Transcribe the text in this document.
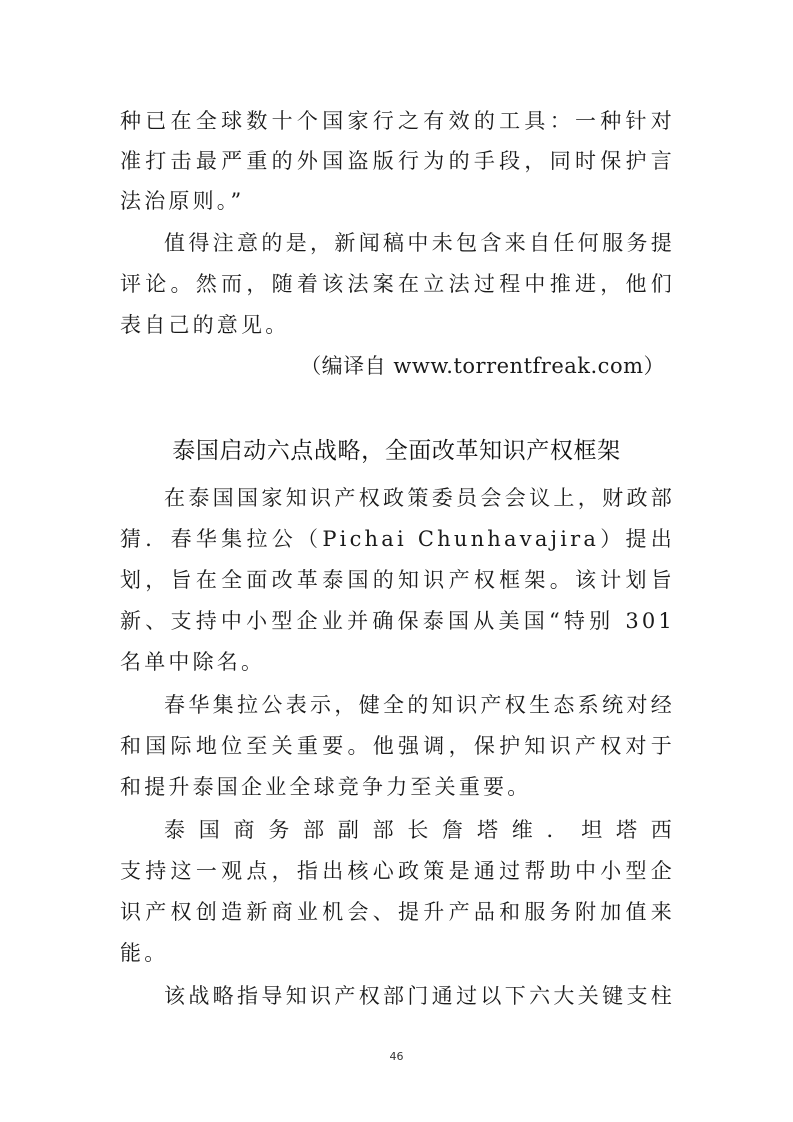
种已在全球数十个国家行之有效的工具：一种针对
准打击最严重的外国盗版行为的手段，同时保护言
法治原则。”
值得注意的是，新闻稿中未包含来自任何服务提
评论。然而，随着该法案在立法过程中推进，他们
表自己的意见。
（编译自 www.torrentfreak.com）
泰国启动六点战略，全面改革知识产权框架
在泰国国家知识产权政策委员会会议上，财政部
猜．春华集拉公（Pichai Chunhavajira）提出
划，旨在全面改革泰国的知识产权框架。该计划旨
新、支持中小型企业并确保泰国从美国“特别 301
名单中除名。
春华集拉公表示，健全的知识产权生态系统对经
和国际地位至关重要。他强调，保护知识产权对于
和提升泰国企业全球竞争力至关重要。
泰国商务部副部长詹塔维．坦塔西
支持这一观点，指出核心政策是通过帮助中小型企
识产权创造新商业机会、提升产品和服务附加值来
能。
该战略指导知识产权部门通过以下六大关键支柱
46
